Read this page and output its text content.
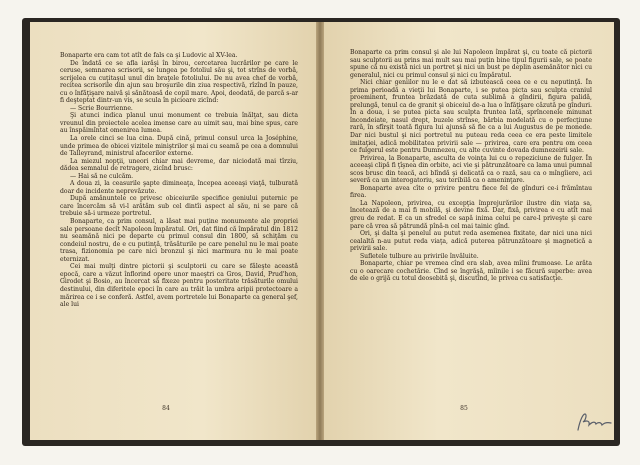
Bonaparte era cam tot atît de fals ca şi Ludovic al XV-lea.

De îndată ce se afla iarăşi în birou, cercetarea lucrărilor pe care le ceruse, semnarea scrisorii, se lungea pe fotoliul său şi, tot strîns de vorbă, scrijelea cu cuţitaşul unul din braţele fotoliului. De nu avea chef de vorbă, recitea scrisorile din ajun sau broşurile din ziua respectivă, rîzînd în pauze, cu o înfăţişare naivă şi sănătoasă de copil mare. Apoi, deodată, de parcă s-ar fi deşteptat dintr-un vis, se scula în picioare zicînd:

— Scrie Bourrienne.

Şi atunci indica planul unui monument ce trebuia înălţat, sau dicta vreunul din proiectele acelea imense care au uimit sau, mai bine spus, care au înspăimîntat omenirea lumea.

La orele cinci se lua cina. După cină, primul consul urca la Joséphine, unde primea de obicei vizitele miniştrilor şi mai cu seamă pe cea a domnului de Talleyrand, ministrul afacerilor externe.

La miezul nopţii, uneori chiar mai devreme, dar niciodată mai tîrziu, dădea semnalul de retragere, zicînd brusc:

— Hai să ne culcăm.

A doua zi, la ceasurile şapte dimineaţa, începea aceeaşi viaţă, tulburată doar de incidente neprevăzute.

După amănuntele ce privesc obiceiurile specifice geniului puternic pe care încercăm să vi-l arătăm sub cel dintîi aspect al său, ni se pare că trebuie să-i urmeze portretul.

Bonaparte, ca prim consul, a lăsat mai puţine monumente ale propriei sale persoane decît Napoleon împăratul. Ori, dat fiind că împăratul din 1812 nu seamănă nici pe departe cu primul consul din 1800, să schiţăm cu condeiul nostru, de e cu putinţă, trăsăturile pe care penelul nu le mai poate trasa, fizionomia pe care nici bronzul şi nici marmura nu le mai poate eternizat.

Cei mai mulţi dintre pictorii şi sculptorii cu care se făleşte această epocă, care a văzut înflorind opere unor maeştri ca Gros, David, Prud'hon, Girodet şi Bosio, au încercat să fixeze pentru posteritate trăsăturile omului destinului, din diferitele epoci în care au trăit la umbra aripii protectoare a mărirea ce i se conferă. Astfel, avem portretele lui Bonaparte ca general şef, ale lui

84

Bonaparte ca prim consul şi ale lui Napoleon împărat şi, cu toate că pictorii sau sculptorii au prins mai mult sau mai puţin bine tipul figurii sale, se poate spune că nu există nici un portret şi nici un bust pe deplin asemănător nici cu generalul, nici cu primul consul şi nici cu împăratul.

Nici chiar geniilor nu le e dat să izbutească ceea ce e cu neputinţă. În prima perioadă a vieţii lui Bonaparte, i se putea picta sau sculpta craniul proeminent, fruntea brăzdată de cuta sublimă a gîndirii, figura palidă, prelungă, tenul ca de granit şi obiceiul de-a lua o înfăţişare căzută pe gînduri. În a doua, i se putea picta sau sculpta fruntea lată, sprîncenele minunat încondeiate, nasul drept, buzele strînse, bărbia modelată cu o perfecţiune rară, în sfîrşit toată figura lui ajunsă să fie ca a lui Augustus de pe monede. Dar nici bustul şi nici portretul nu puteau reda ceea ce era peste limitele imitaţiei, adică mobilitatea privirii sale — privirea, care era pentru om ceea ce fulgerul este pentru Dumnezeu, cu alte cuvinte dovada dumnezeirii sale.

Privirea, la Bonaparte, asculta de voinţa lui cu o repeziciune de fulger. În aceeaşi clipă fi ţîşnea din orbite, aci vie şi pătrunzătoare ca lama unui pumnal scos brusc din teacă, aci blîndă şi delicată ca o rază, sau ca o mîngîiere, aci severă ca un interogatoriu, sau teribilă ca o ameninţare.

Bonaparte avea cîte o privire pentru fiece fel de gînduri ce-i frămîntau firea.

La Napoleon, privirea, cu excepţia împrejurărilor ilustre din viaţa sa, încetează de a mai fi mobilă, şi devine fixă. Dar, fixă, privirea e cu atît mai greu de redat. E ca un sfredel ce sapă inima celui pe care-l priveşte şi care pare că vrea să pătrundă pînă-n cel mai tainic gînd.

Ori, şi dalta şi penelul au putut reda asemenea fixitate, dar nici una nici cealaltă n-au putut reda viaţa, adică puterea pătrunzătoare şi magnetică a privirii sale.

Sufletele tulbure au privirile învăluite.

Bonaparte, chiar pe vremea cînd era slab, avea mîini frumoase. Le arăta cu o oarecare cochetărie. Cînd se îngrăşă, mîinile i se făcură superbe: avea de ele o grijă cu totul deosebită şi, discutînd, le privea cu satisfacţie.

85
